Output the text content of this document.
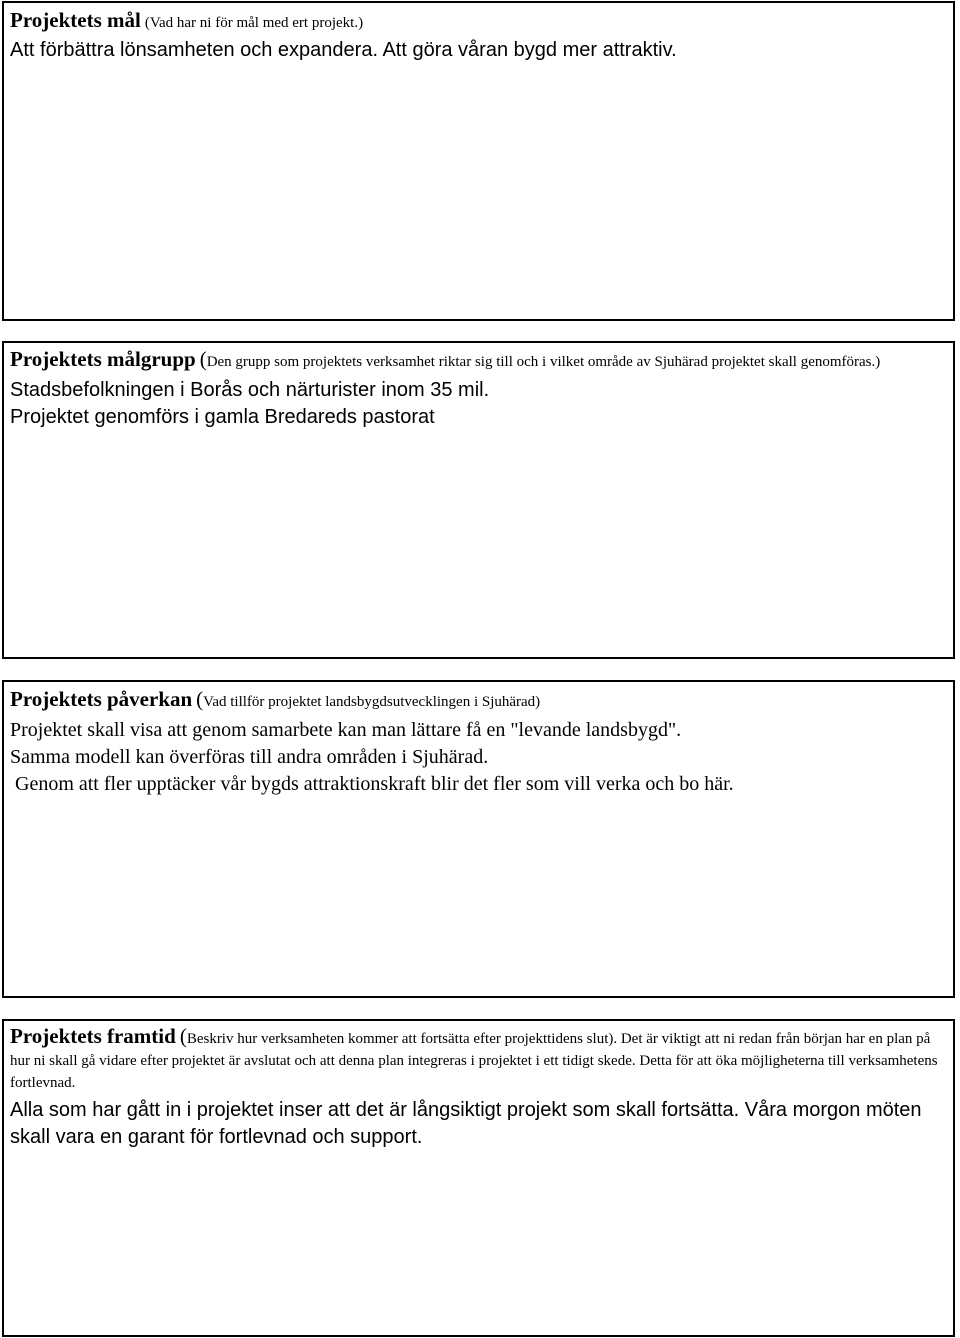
Projektets mål (Vad har ni för mål med ert projekt.)

Att förbättra lönsamheten och expandera. Att göra våran bygd mer attraktiv.

Projektets målgrupp (Den grupp som projektets verksamhet riktar sig till och i vilket område av Sjuhärad projektet skall genomföras.)

Stadsbefolkningen i Borås och närturister inom 35 mil.

Projektet genomförs i gamla Bredareds pastorat

Projektets påverkan (Vad tillför projektet landsbygdsutvecklingen i Sjuhärad)

Projektet skall visa att genom samarbete kan man lättare få en "levande landsbygd".

Samma modell kan överföras till andra områden i Sjuhärad.

Genom att fler upptäcker vår bygds attraktionskraft blir det fler som vill verka och bo här.

Projektets framtid (Beskriv hur verksamheten kommer att fortsätta efter projekttidens slut). Det är viktigt att ni redan från början har en plan på hur ni skall gå vidare efter projektet är avslutat och att denna plan integreras i projektet i ett tidigt skede. Detta för att öka möjligheterna till verksamhetens fortlevnad.

Alla som har gått in i projektet inser att det är långsiktigt projekt som skall fortsätta. Våra morgon möten skall vara en garant för fortlevnad och support.
